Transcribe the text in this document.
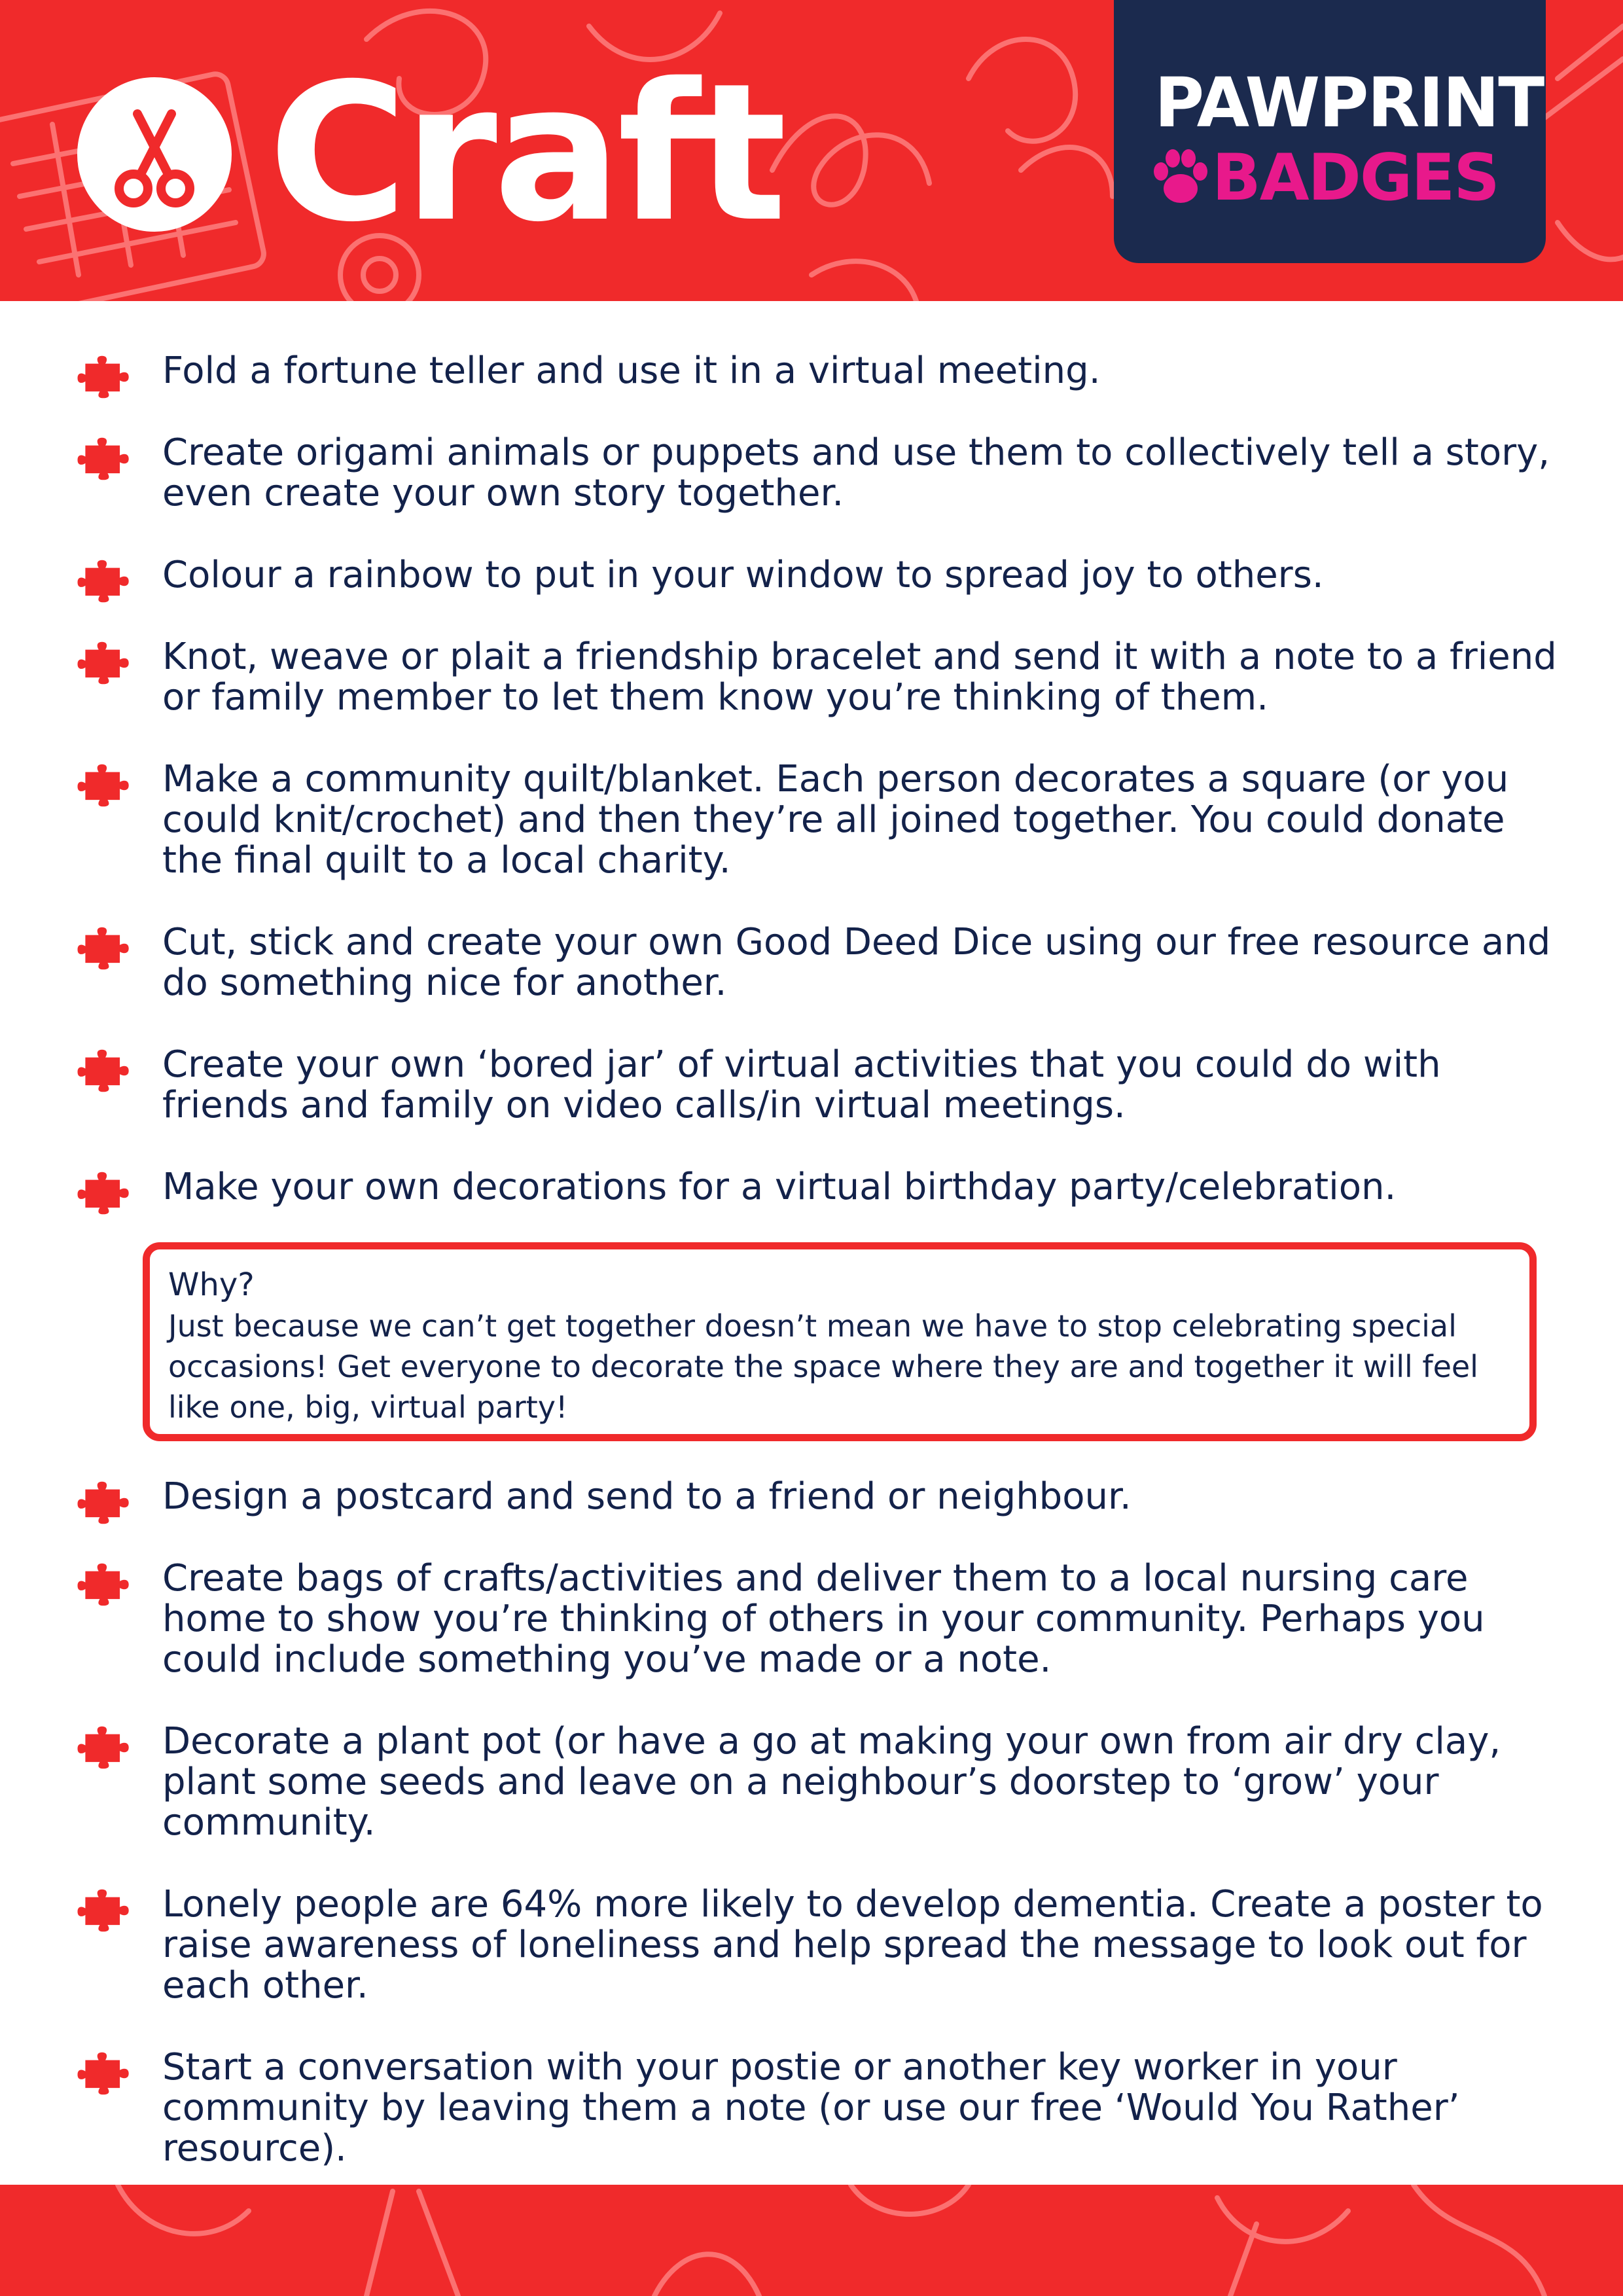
Craft	PAWPRINT
BADGES
Fold a fortune teller and use it in a virtual meeting.
Create origami animals or puppets and use them to collectively tell a story, even create your own story together.
Colour a rainbow to put in your window to spread joy to others.
Knot, weave or plait a friendship bracelet and send it with a note to a friend or family member to let them know you’re thinking of them.
Make a community quilt/blanket. Each person decorates a square (or you could knit/crochet) and then they’re all joined together. You could donate the final quilt to a local charity.
Cut, stick and create your own Good Deed Dice using our free resource and do something nice for another.
Create your own ‘bored jar’ of virtual activities that you could do with friends and family on video calls/in virtual meetings.
Make your own decorations for a virtual birthday party/celebration.
Why?
Just because we can’t get together doesn’t mean we have to stop celebrating special occasions! Get everyone to decorate the space where they are and together it will feel like one, big, virtual party!
Design a postcard and send to a friend or neighbour.
Create bags of crafts/activities and deliver them to a local nursing care home to show you’re thinking of others in your community. Perhaps you could include something you’ve made or a note.
Decorate a plant pot (or have a go at making your own from air dry clay, plant some seeds and leave on a neighbour’s doorstep to ‘grow’ your community.
Lonely people are 64% more likely to develop dementia. Create a poster to raise awareness of loneliness and help spread the message to look out for each other.
Start a conversation with your postie or another key worker in your community by leaving them a note (or use our free ‘Would You Rather’ resource).
